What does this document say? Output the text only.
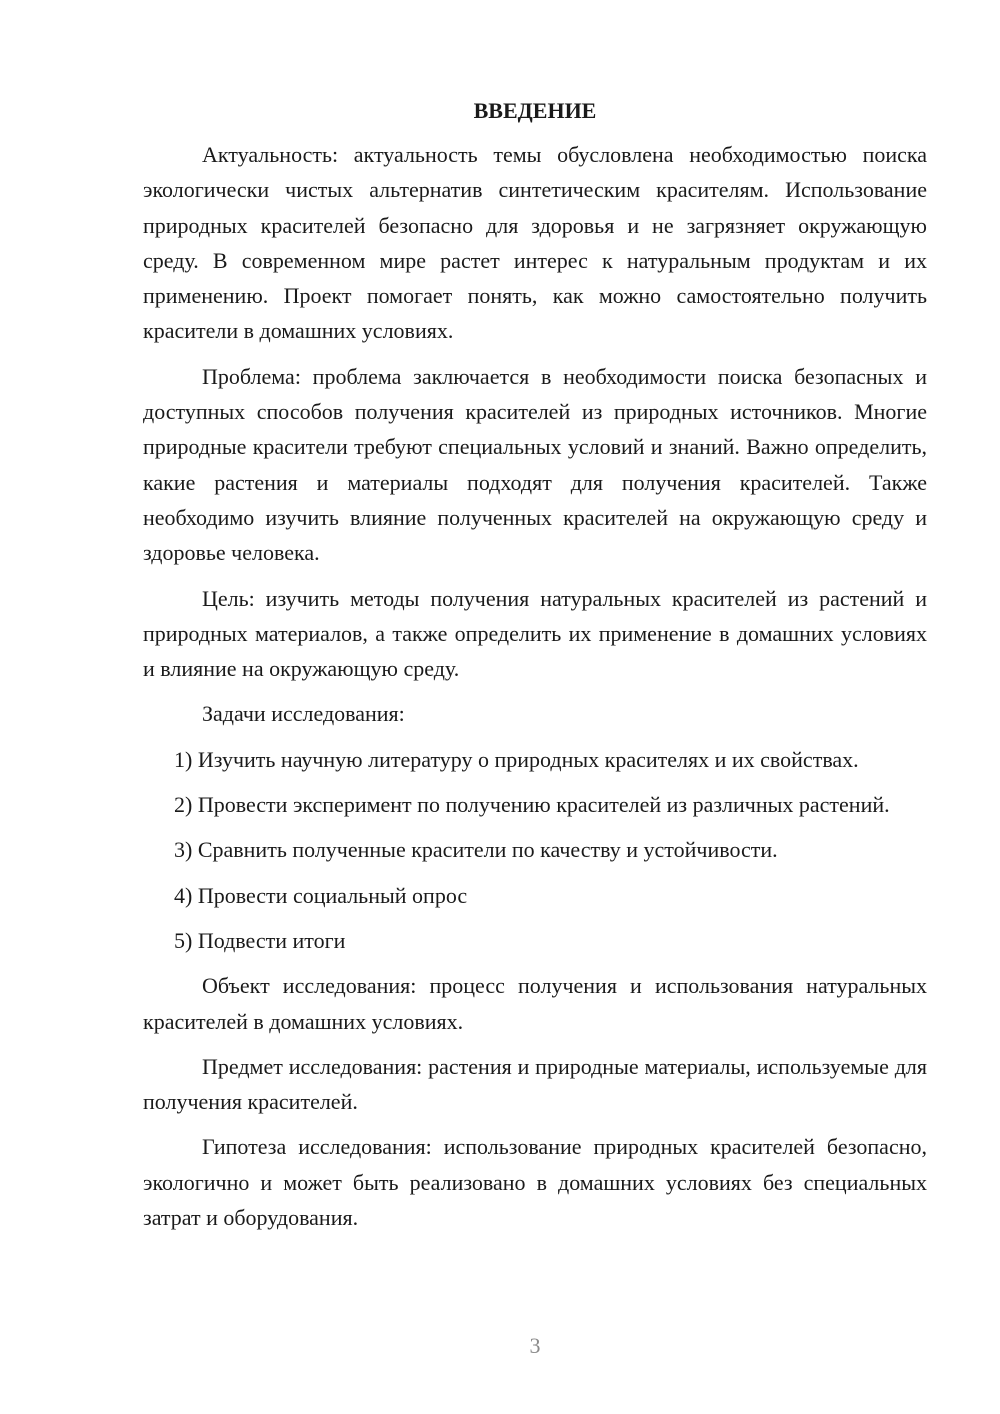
ВВЕДЕНИЕ

Актуальность: актуальность темы обусловлена необходимостью поиска экологически чистых альтернатив синтетическим красителям. Использование природных красителей безопасно для здоровья и не загрязняет окружающую среду. В современном мире растет интерес к натуральным продуктам и их применению. Проект помогает понять, как можно самостоятельно получить красители в домашних условиях.

Проблема: проблема заключается в необходимости поиска безопасных и доступных способов получения красителей из природных источников. Многие природные красители требуют специальных условий и знаний. Важно определить, какие растения и материалы подходят для получения красителей. Также необходимо изучить влияние полученных красителей на окружающую среду и здоровье человека.

Цель: изучить методы получения натуральных красителей из растений и природных материалов, а также определить их применение в домашних условиях и влияние на окружающую среду.

Задачи исследования:

1) Изучить научную литературу о природных красителях и их свойствах.

2) Провести эксперимент по получению красителей из различных растений.

3) Сравнить полученные красители по качеству и устойчивости.

4) Провести социальный опрос

5) Подвести итоги

Объект исследования: процесс получения и использования натуральных красителей в домашних условиях.

Предмет исследования: растения и природные материалы, используемые для получения красителей.

Гипотеза исследования: использование природных красителей безопасно, экологично и может быть реализовано в домашних условиях без специальных затрат и оборудования.

3
